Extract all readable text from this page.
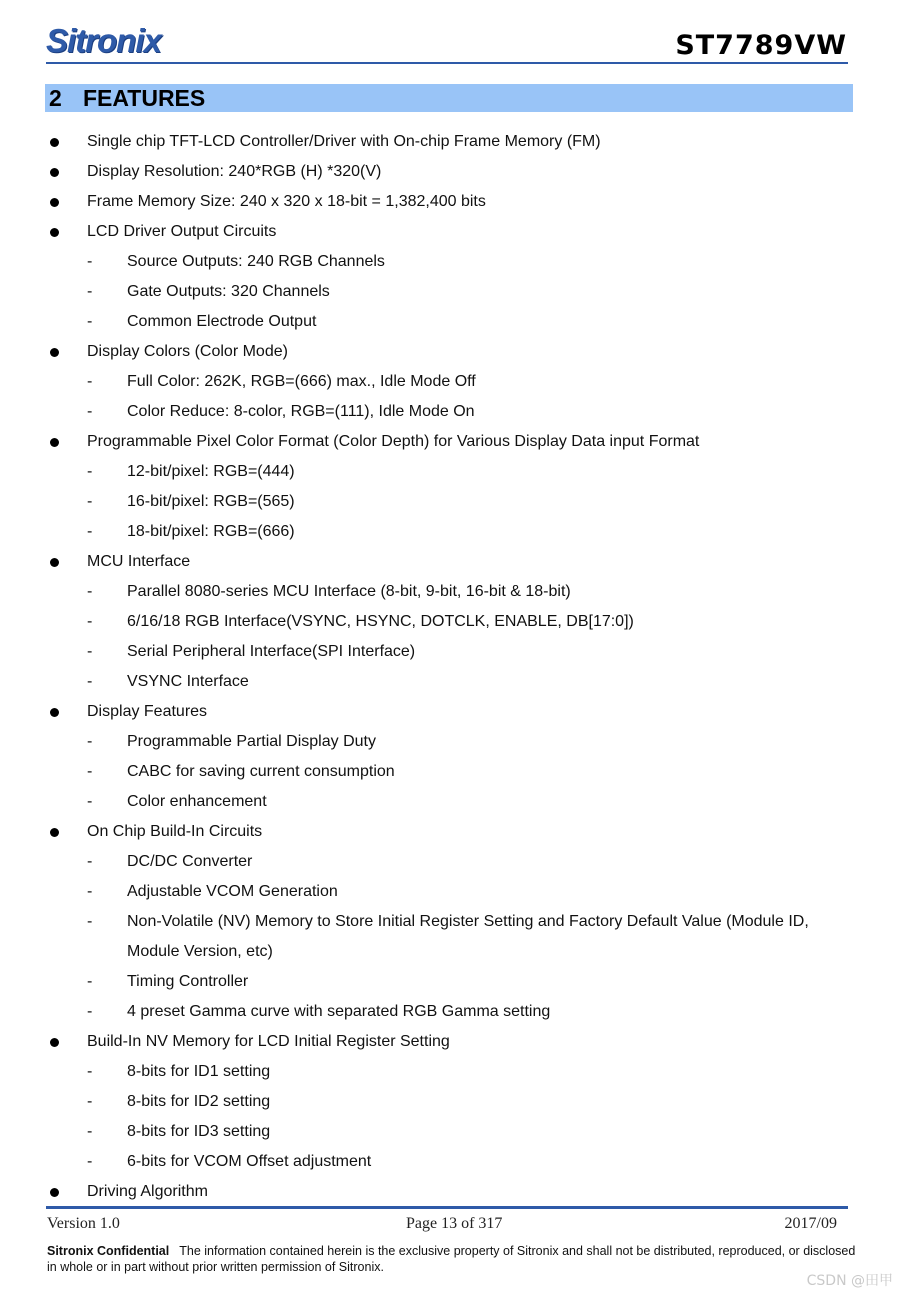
Sitronix	ST7789VW
2 FEATURES
Single chip TFT-LCD Controller/Driver with On-chip Frame Memory (FM)
Display Resolution: 240*RGB (H) *320(V)
Frame Memory Size: 240 x 320 x 18-bit = 1,382,400 bits
LCD Driver Output Circuits
- Source Outputs: 240 RGB Channels
- Gate Outputs: 320 Channels
- Common Electrode Output
Display Colors (Color Mode)
- Full Color: 262K, RGB=(666) max., Idle Mode Off
- Color Reduce: 8-color, RGB=(111), Idle Mode On
Programmable Pixel Color Format (Color Depth) for Various Display Data input Format
- 12-bit/pixel: RGB=(444)
- 16-bit/pixel: RGB=(565)
- 18-bit/pixel: RGB=(666)
MCU Interface
- Parallel 8080-series MCU Interface (8-bit, 9-bit, 16-bit & 18-bit)
- 6/16/18 RGB Interface(VSYNC, HSYNC, DOTCLK, ENABLE, DB[17:0])
- Serial Peripheral Interface(SPI Interface)
- VSYNC Interface
Display Features
- Programmable Partial Display Duty
- CABC for saving current consumption
- Color enhancement
On Chip Build-In Circuits
- DC/DC Converter
- Adjustable VCOM Generation
- Non-Volatile (NV) Memory to Store Initial Register Setting and Factory Default Value (Module ID, Module Version, etc)
- Timing Controller
- 4 preset Gamma curve with separated RGB Gamma setting
Build-In NV Memory for LCD Initial Register Setting
- 8-bits for ID1 setting
- 8-bits for ID2 setting
- 8-bits for ID3 setting
- 6-bits for VCOM Offset adjustment
Driving Algorithm
Version 1.0	Page 13 of 317	2017/09
Sitronix Confidential The information contained herein is the exclusive property of Sitronix and shall not be distributed, reproduced, or disclosed in whole or in part without prior written permission of Sitronix.
CSDN @田甲
